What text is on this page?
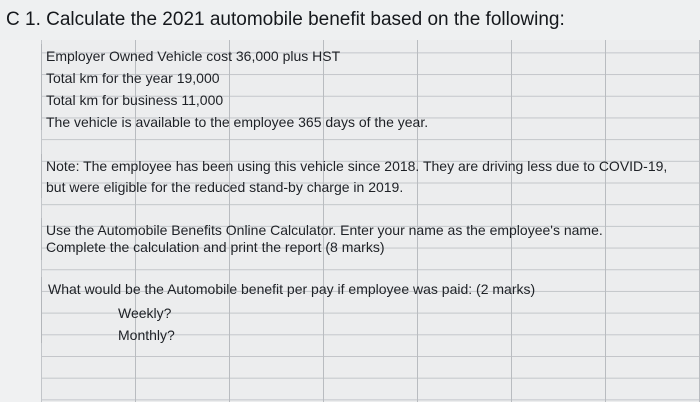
C 1. Calculate the 2021 automobile benefit based on the following:
Employer Owned Vehicle cost 36,000 plus HST
Total km for the year 19,000
Total km for business 11,000
The vehicle is available to the employee 365 days of the year.
Note: The employee has been using this vehicle since 2018. They are driving less due to COVID-19,
but were eligible for the reduced stand-by charge in 2019.
Use the Automobile Benefits Online Calculator. Enter your name as the employee's name.
Complete the calculation and print the report (8 marks)
What would be the Automobile benefit per pay if employee was paid: (2 marks)
Weekly?
Monthly?
